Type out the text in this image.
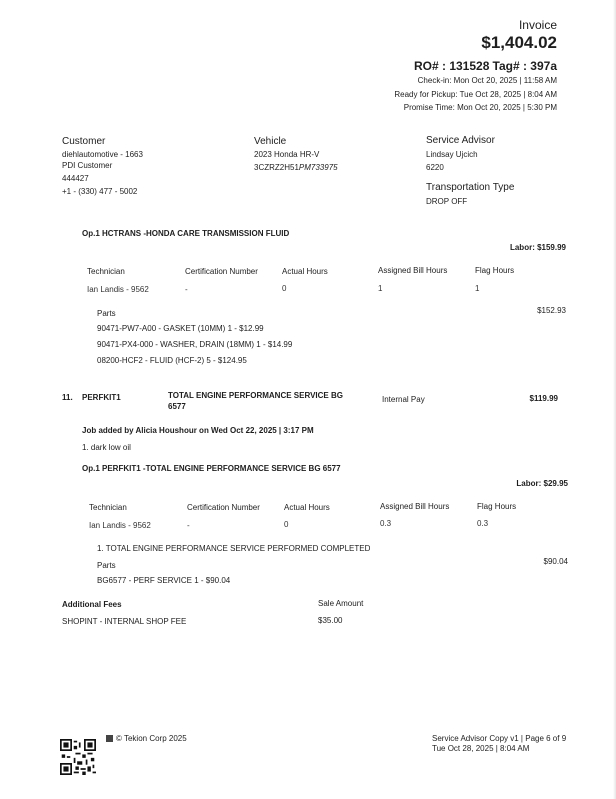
Invoice
$1,404.02
RO# : 131528 Tag# : 397a
Check-in: Mon Oct 20, 2025 | 11:58 AM
Ready for Pickup: Tue Oct 28, 2025 | 8:04 AM
Promise Time: Mon Oct 20, 2025 | 5:30 PM
Customer
diehlautomotive - 1663
PDI Customer
444427
+1 - (330) 477 - 5002
Vehicle
2023 Honda HR-V
3CZRZ2H51PM733975
Service Advisor
Lindsay Ujcich
6220
Transportation Type
DROP OFF
Op.1 HCTRANS -HONDA CARE TRANSMISSION FLUID
Labor: $159.99
Technician	Certification Number	Actual Hours	Assigned Bill Hours	Flag Hours
Ian Landis - 9562	-	0	1	1
Parts	$152.93
90471-PW7-A00 - GASKET (10MM) 1 - $12.99
90471-PX4-000 - WASHER, DRAIN (18MM) 1 - $14.99
08200-HCF2 - FLUID (HCF-2) 5 - $124.95
11. PERFKIT1	TOTAL ENGINE PERFORMANCE SERVICE BG
6577
Internal Pay	$119.99
Job added by Alicia Houshour on Wed Oct 22, 2025 | 3:17 PM
1. dark low oil
Op.1 PERFKIT1 -TOTAL ENGINE PERFORMANCE SERVICE BG 6577
Labor: $29.95
Technician	Certification Number	Actual Hours	Assigned Bill Hours	Flag Hours
Ian Landis - 9562	-	0	0.3	0.3
1. TOTAL ENGINE PERFORMANCE SERVICE PERFORMED COMPLETED
Parts	$90.04
BG6577 - PERF SERVICE 1 - $90.04
Additional Fees	Sale Amount
SHOPINT - INTERNAL SHOP FEE	$35.00
© Tekion Corp 2025	Service Advisor Copy v1 | Page 6 of 9
Tue Oct 28, 2025 | 8:04 AM
